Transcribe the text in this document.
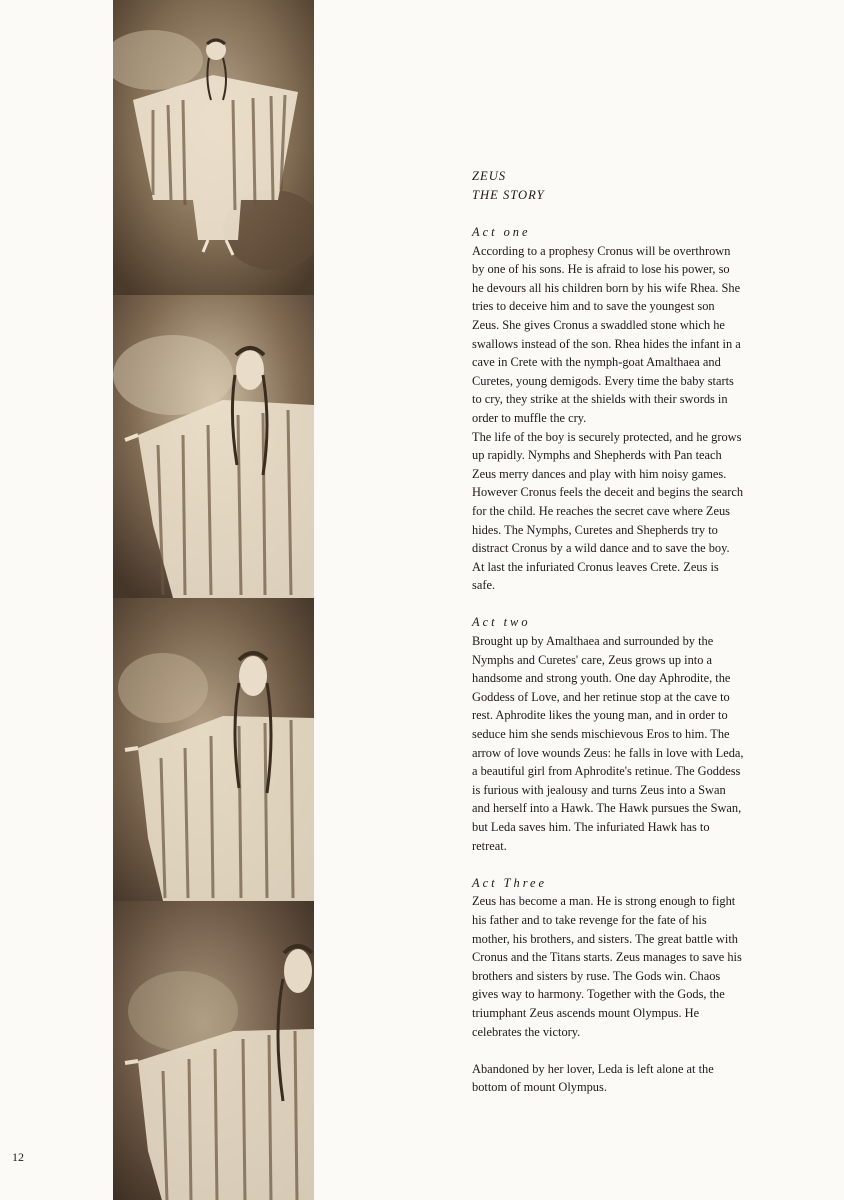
ZEUS
THE STORY
Act one

According to a prophesy Cronus will be overthrown by one of his sons. He is afraid to lose his power, so he devours all his children born by his wife Rhea. She tries to deceive him and to save the youngest son Zeus. She gives Cronus a swaddled stone which he swallows instead of the son. Rhea hides the infant in a cave in Crete with the nymph-goat Amalthaea and Curetes, young demigods. Every time the baby starts to cry, they strike at the shields with their swords in order to muffle the cry.

The life of the boy is securely protected, and he grows up rapidly. Nymphs and Shepherds with Pan teach Zeus merry dances and play with him noisy games. However Cronus feels the deceit and begins the search for the child. He reaches the secret cave where Zeus hides. The Nymphs, Curetes and Shepherds try to distract Cronus by a wild dance and to save the boy. At last the infuriated Cronus leaves Crete. Zeus is safe.

Act two

Brought up by Amalthaea and surrounded by the Nymphs and Curetes' care, Zeus grows up into a handsome and strong youth. One day Aphrodite, the Goddess of Love, and her retinue stop at the cave to rest. Aphrodite likes the young man, and in order to seduce him she sends mischievous Eros to him. The arrow of love wounds Zeus: he falls in love with Leda, a beautiful girl from Aphrodite's retinue. The Goddess is furious with jealousy and turns Zeus into a Swan and herself into a Hawk. The Hawk pursues the Swan, but Leda saves him. The infuriated Hawk has to retreat.

Act Three

Zeus has become a man. He is strong enough to fight his father and to take revenge for the fate of his mother, his brothers, and sisters. The great battle with Cronus and the Titans starts. Zeus manages to save his brothers and sisters by ruse. The Gods win. Chaos gives way to harmony. Together with the Gods, the triumphant Zeus ascends mount Olympus. He celebrates the victory.

Abandoned by her lover, Leda is left alone at the bottom of mount Olympus.

12
